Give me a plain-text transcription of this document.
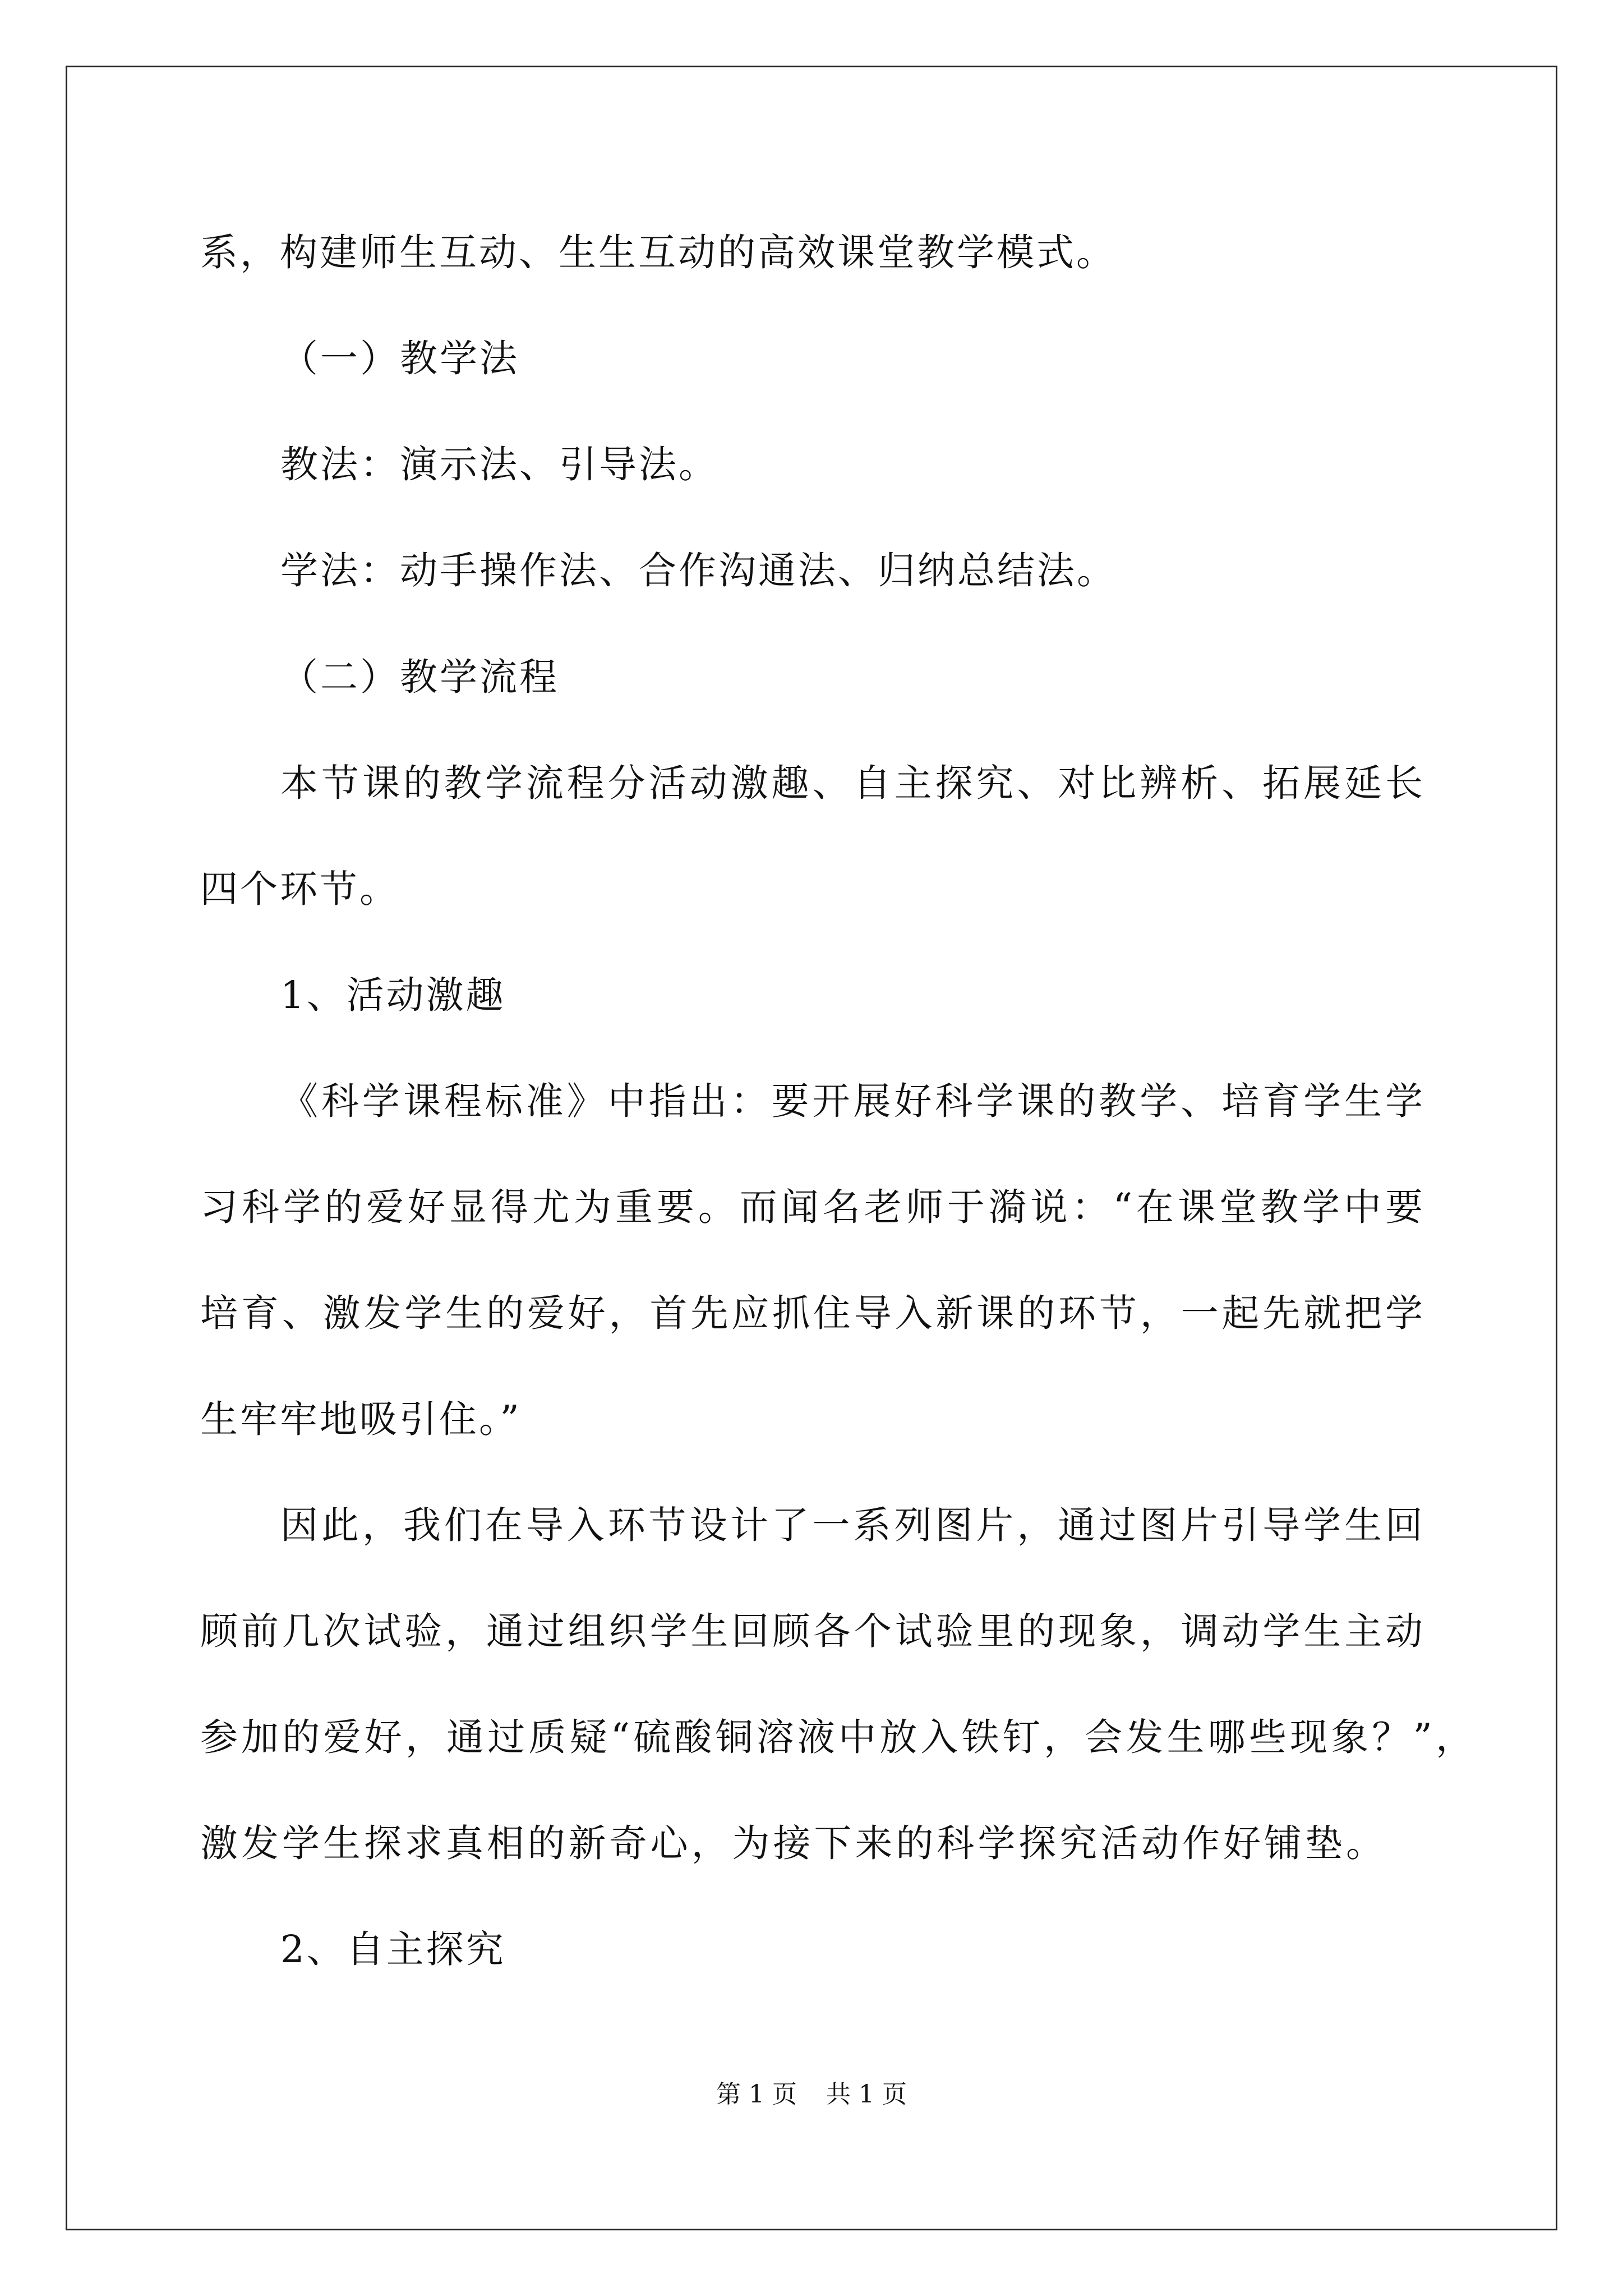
系，构建师生互动、生生互动的高效课堂教学模式。
（一）教学法
教法：演示法、引导法。
学法：动手操作法、合作沟通法、归纳总结法。
（二）教学流程
本节课的教学流程分活动激趣、自主探究、对比辨析、拓展延长
四个环节。
1、活动激趣
《科学课程标准》中指出：要开展好科学课的教学、培育学生学
习科学的爱好显得尤为重要。而闻名老师于漪说：“在课堂教学中要
培育、激发学生的爱好，首先应抓住导入新课的环节，一起先就把学
生牢牢地吸引住。”
因此，我们在导入环节设计了一系列图片，通过图片引导学生回
顾前几次试验，通过组织学生回顾各个试验里的现象，调动学生主动
参加的爱好，通过质疑“硫酸铜溶液中放入铁钉，会发生哪些现象？”，
激发学生探求真相的新奇心，为接下来的科学探究活动作好铺垫。
2、自主探究
第 1 页 共 1 页
